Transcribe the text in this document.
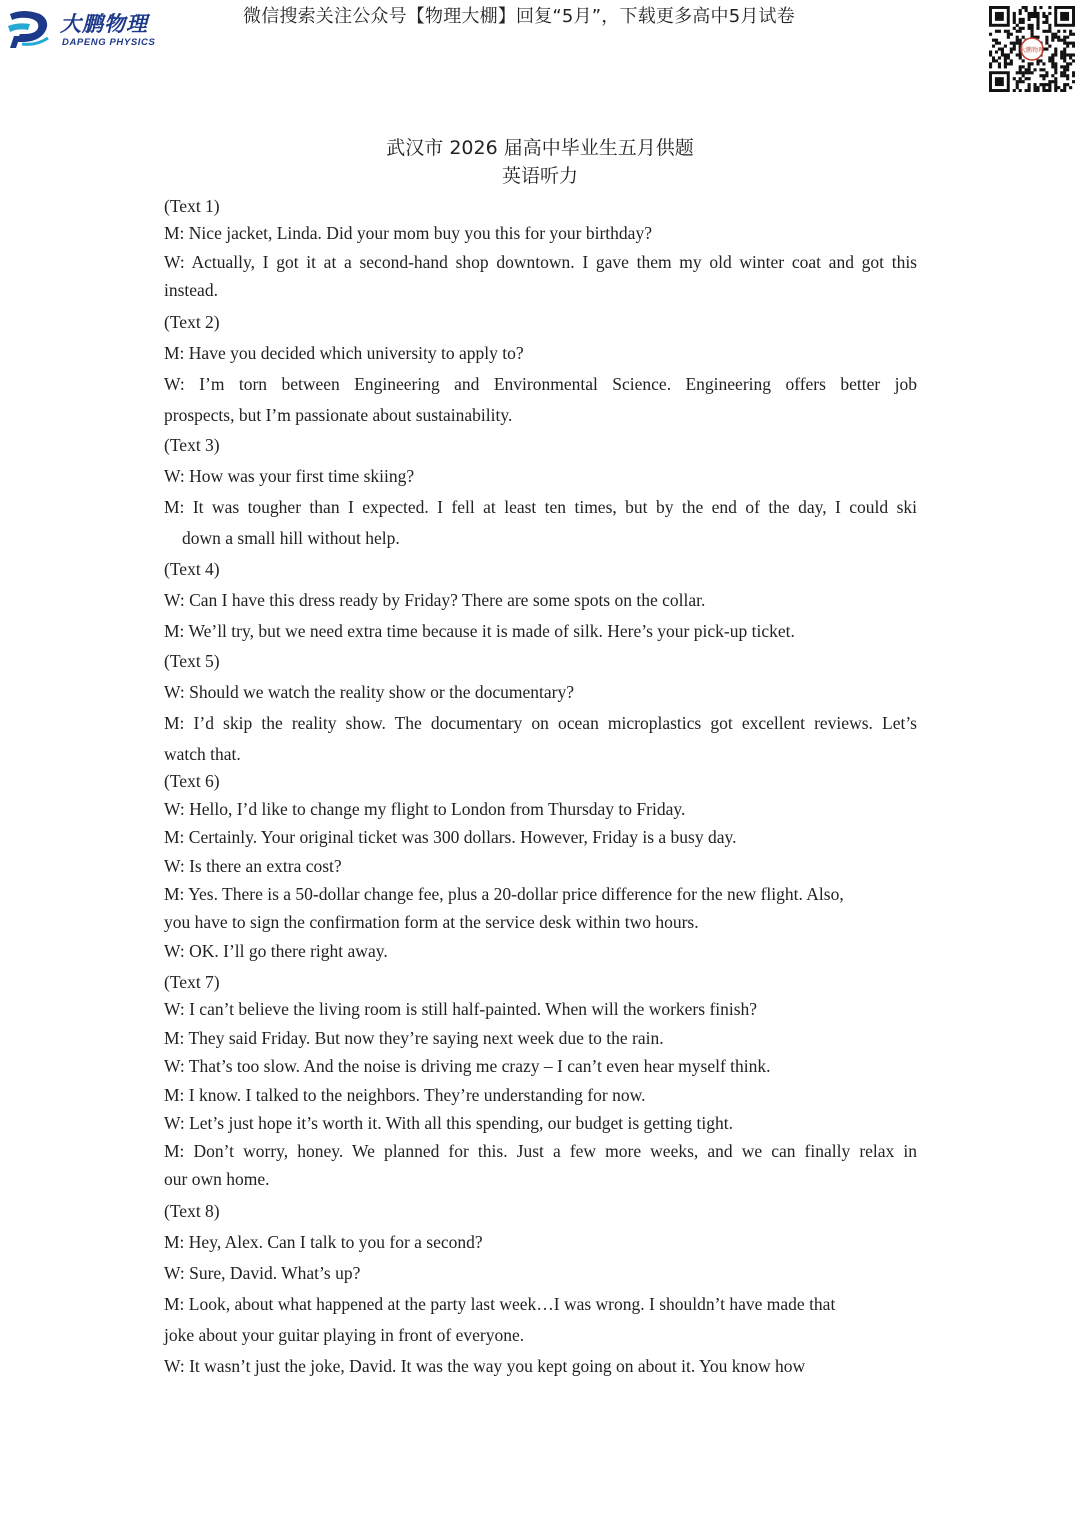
大鹏物理
DAPENG PHYSICS
微信搜索关注公众号【物理大棚】回复“5月”，下载更多高中5月试卷
大鹏物理
武汉市 2026 届高中毕业生五月供题
英语听力
(Text 1)
M: Nice jacket, Linda. Did your mom buy you this for your birthday?
W: Actually, I got it at a second-hand shop downtown. I gave them my old winter coat and got this
instead.
(Text 2)
M: Have you decided which university to apply to?
W: I’m torn between Engineering and Environmental Science. Engineering offers better job
prospects, but I’m passionate about sustainability.
(Text 3)
W: How was your first time skiing?
M: It was tougher than I expected. I fell at least ten times, but by the end of the day, I could ski
down a small hill without help.
(Text 4)
W: Can I have this dress ready by Friday? There are some spots on the collar.
M: We’ll try, but we need extra time because it is made of silk. Here’s your pick-up ticket.
(Text 5)
W: Should we watch the reality show or the documentary?
M: I’d skip the reality show. The documentary on ocean microplastics got excellent reviews. Let’s
watch that.
(Text 6)
W: Hello, I’d like to change my flight to London from Thursday to Friday.
M: Certainly. Your original ticket was 300 dollars. However, Friday is a busy day.
W: Is there an extra cost?
M: Yes. There is a 50-dollar change fee, plus a 20-dollar price difference for the new flight. Also,
you have to sign the confirmation form at the service desk within two hours.
W: OK. I’ll go there right away.
(Text 7)
W: I can’t believe the living room is still half-painted. When will the workers finish?
M: They said Friday. But now they’re saying next week due to the rain.
W: That’s too slow. And the noise is driving me crazy – I can’t even hear myself think.
M: I know. I talked to the neighbors. They’re understanding for now.
W: Let’s just hope it’s worth it. With all this spending, our budget is getting tight.
M: Don’t worry, honey. We planned for this. Just a few more weeks, and we can finally relax in
our own home.
(Text 8)
M: Hey, Alex. Can I talk to you for a second?
W: Sure, David. What’s up?
M: Look, about what happened at the party last week…I was wrong. I shouldn’t have made that
joke about your guitar playing in front of everyone.
W: It wasn’t just the joke, David. It was the way you kept going on about it. You know how
